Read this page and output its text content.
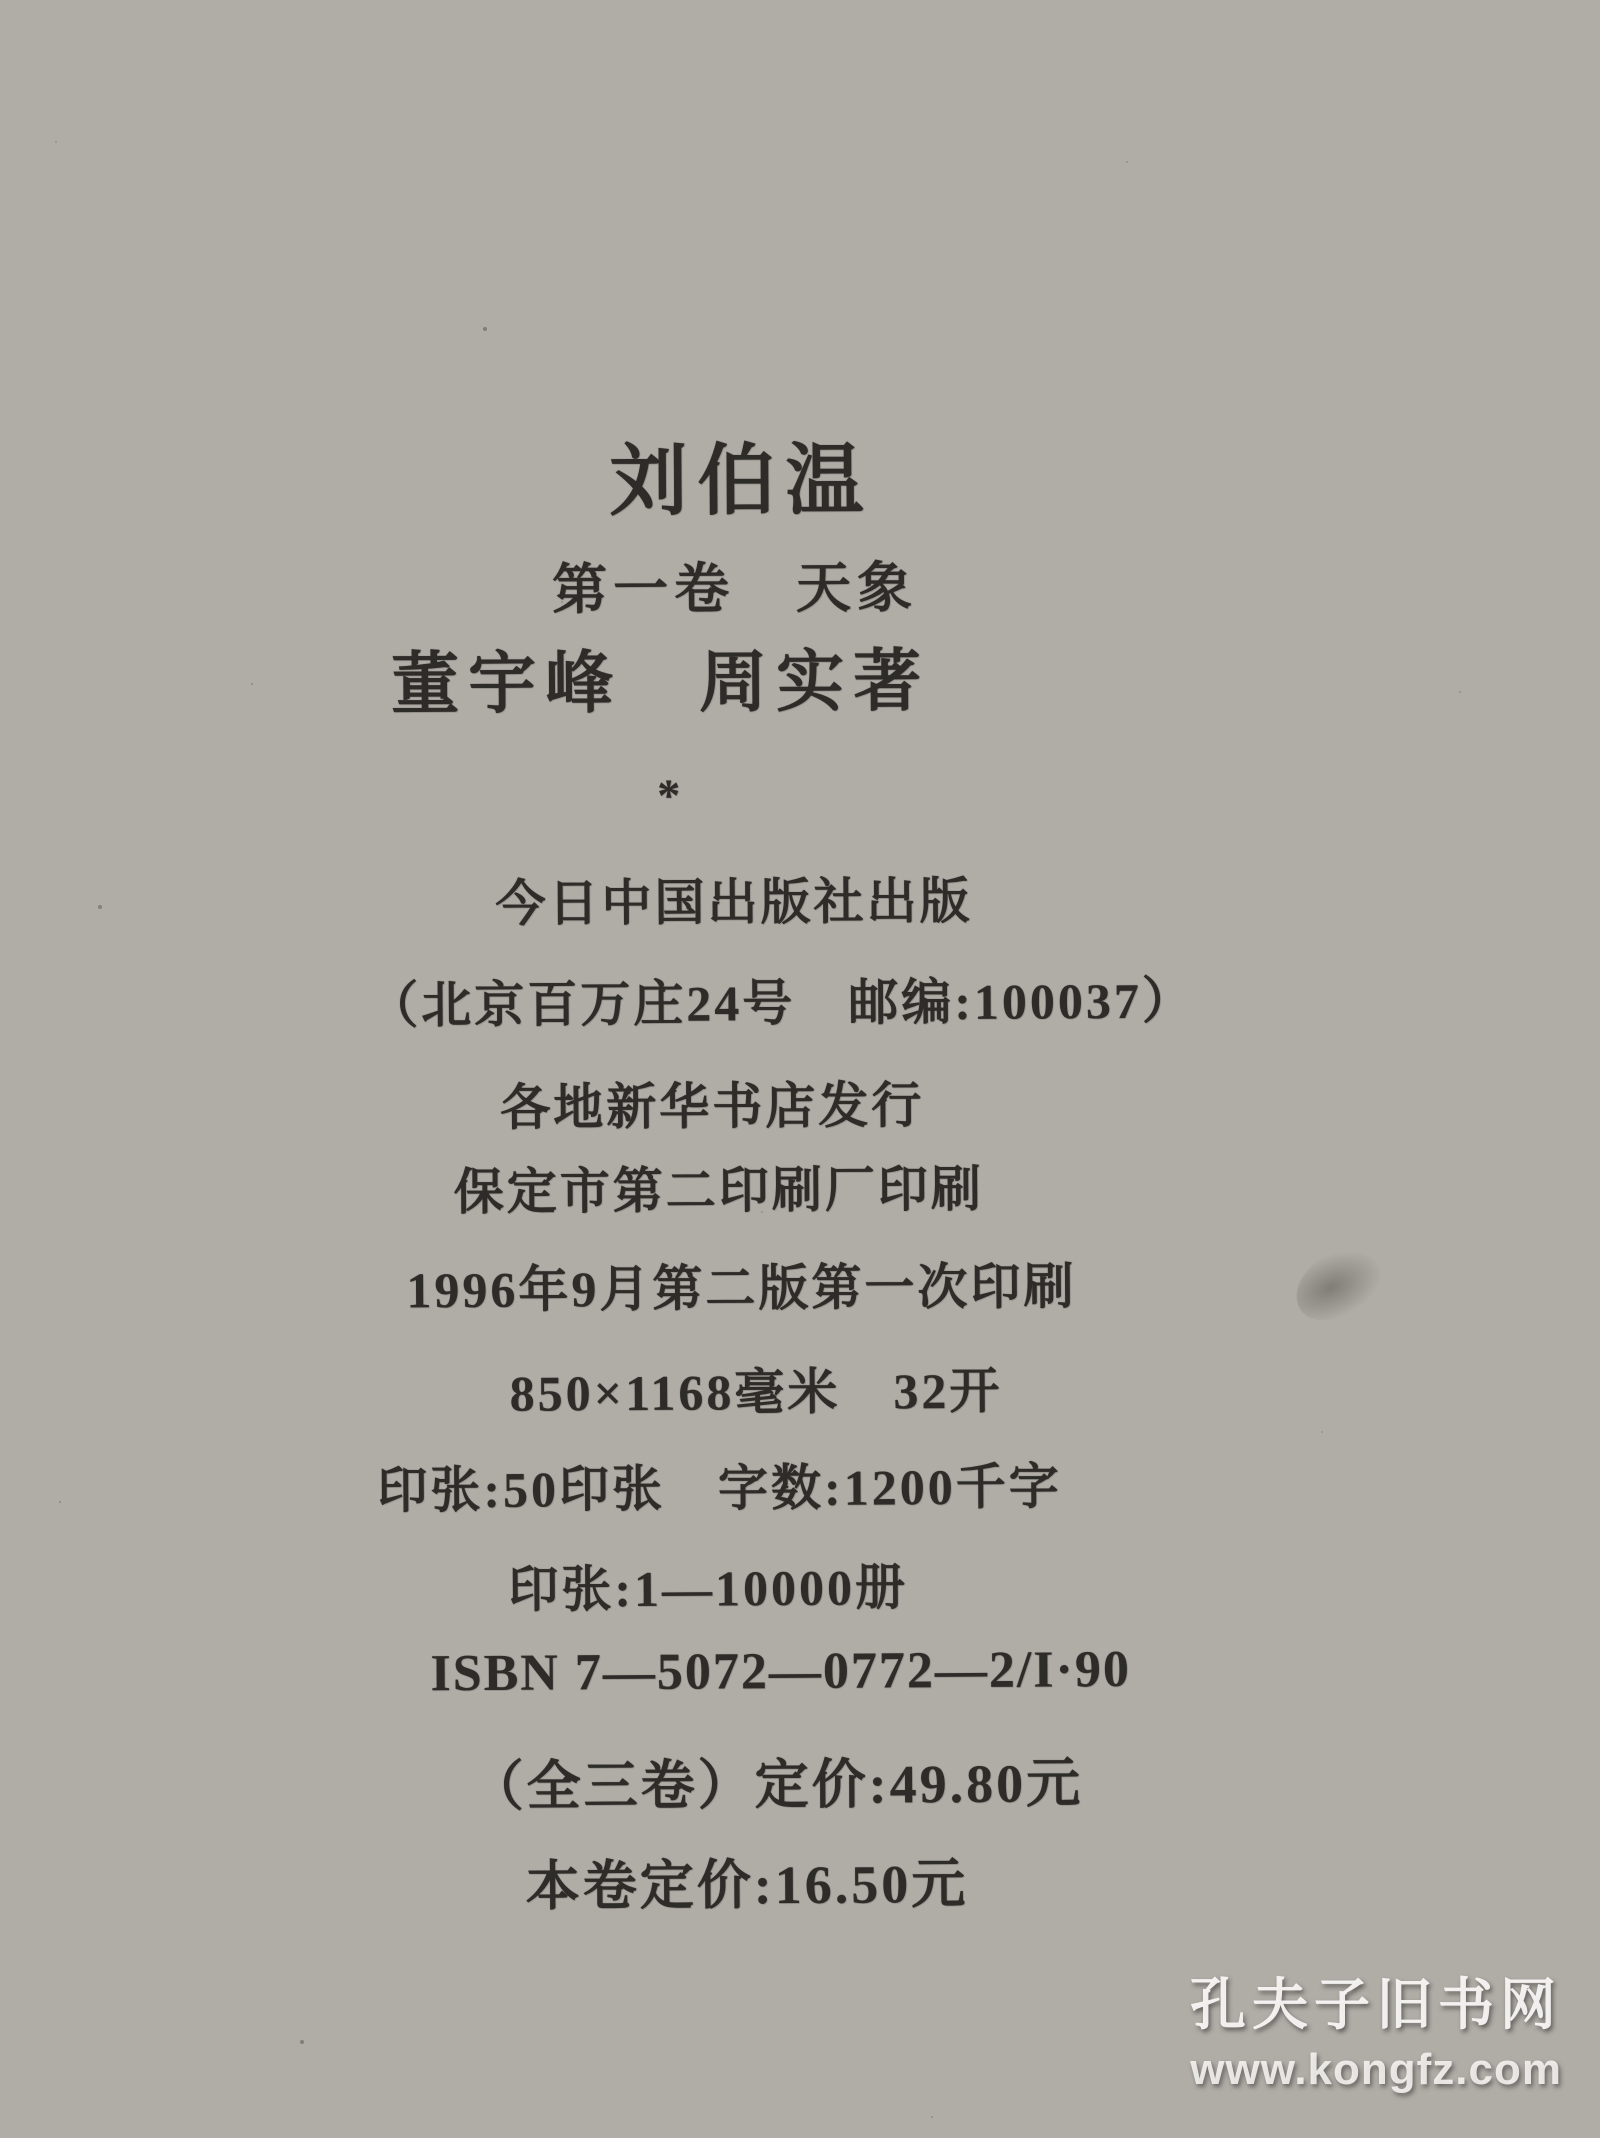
刘伯温
第一卷　天象
董宇峰　周实著
*
今日中国出版社出版
（北京百万庄24号　邮编:100037）
各地新华书店发行
保定市第二印刷厂印刷
1996年9月第二版第一次印刷
850×1168毫米　32开
印张:50印张　字数:1200千字
印张:1—10000册
ISBN 7—5072—0772—2/I·90
（全三卷）定价:49.80元
本卷定价:16.50元
孔夫子旧书网
www.kongfz.com
